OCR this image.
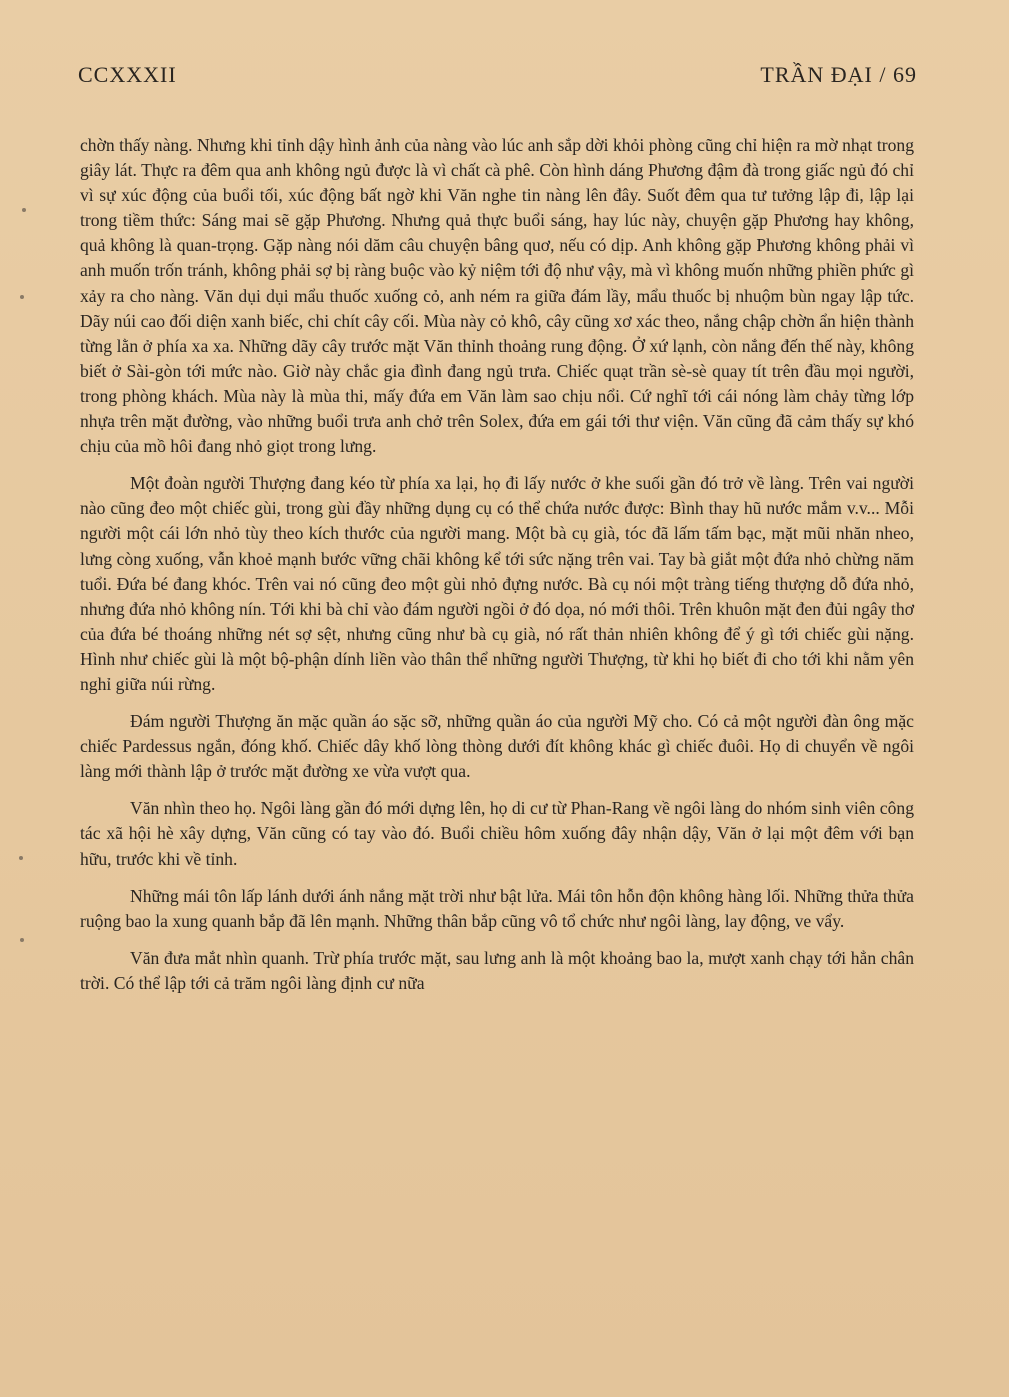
CCXXXII	TRẦN ĐẠI / 69

chờn thấy nàng. Nhưng khi tỉnh dậy hình ảnh của nàng vào lúc anh sắp dời khỏi phòng cũng chỉ hiện ra mờ nhạt trong giây lát. Thực ra đêm qua anh không ngủ được là vì chất cà phê. Còn hình dáng Phương đậm đà trong giấc ngủ đó chỉ vì sự xúc động của buổi tối, xúc động bất ngờ khi Văn nghe tin nàng lên đây. Suốt đêm qua tư tưởng lập đi, lập lại trong tiềm thức: Sáng mai sẽ gặp Phương. Nhưng quả thực buổi sáng, hay lúc này, chuyện gặp Phương hay không, quả không là quan-trọng. Gặp nàng nói dăm câu chuyện bâng quơ, nếu có dịp. Anh không gặp Phương không phải vì anh muốn trốn tránh, không phải sợ bị ràng buộc vào kỷ niệm tới độ như vậy, mà vì không muốn những phiền phức gì xảy ra cho nàng. Văn dụi dụi mẩu thuốc xuống cỏ, anh ném ra giữa đám lầy, mẩu thuốc bị nhuộm bùn ngay lập tức. Dãy núi cao đối diện xanh biếc, chi chít cây cối. Mùa này cỏ khô, cây cũng xơ xác theo, nắng chập chờn ẩn hiện thành từng lằn ở phía xa xa. Những dãy cây trước mặt Văn thỉnh thoảng rung động. Ở xứ lạnh, còn nắng đến thế này, không biết ở Sài-gòn tới mức nào. Giờ này chắc gia đình đang ngủ trưa. Chiếc quạt trần sè-sè quay tít trên đầu mọi người, trong phòng khách. Mùa này là mùa thi, mấy đứa em Văn làm sao chịu nổi. Cứ nghĩ tới cái nóng làm chảy từng lớp nhựa trên mặt đường, vào những buổi trưa anh chở trên Solex, đứa em gái tới thư viện. Văn cũng đã cảm thấy sự khó chịu của mồ hôi đang nhỏ giọt trong lưng.

Một đoàn người Thượng đang kéo từ phía xa lại, họ đi lấy nước ở khe suối gần đó trở về làng. Trên vai người nào cũng đeo một chiếc gùi, trong gùi đầy những dụng cụ có thể chứa nước được: Bình thay hũ nước mắm v.v... Mỗi người một cái lớn nhỏ tùy theo kích thước của người mang. Một bà cụ già, tóc đã lấm tấm bạc, mặt mũi nhăn nheo, lưng còng xuống, vẫn khoẻ mạnh bước vững chãi không kể tới sức nặng trên vai. Tay bà giắt một đứa nhỏ chừng năm tuổi. Đứa bé đang khóc. Trên vai nó cũng đeo một gùi nhỏ đựng nước. Bà cụ nói một tràng tiếng thượng dỗ đứa nhỏ, nhưng đứa nhỏ không nín. Tới khi bà chỉ vào đám người ngồi ở đó dọa, nó mới thôi. Trên khuôn mặt đen đủi ngây thơ của đứa bé thoáng những nét sợ sệt, nhưng cũng như bà cụ già, nó rất thản nhiên không để ý gì tới chiếc gùi nặng. Hình như chiếc gùi là một bộ-phận dính liền vào thân thể những người Thượng, từ khi họ biết đi cho tới khi nằm yên nghỉ giữa núi rừng.

Đám người Thượng ăn mặc quần áo sặc sỡ, những quần áo của người Mỹ cho. Có cả một người đàn ông mặc chiếc Pardessus ngắn, đóng khố. Chiếc dây khố lòng thòng dưới đít không khác gì chiếc đuôi. Họ di chuyển về ngôi làng mới thành lập ở trước mặt đường xe vừa vượt qua.

Văn nhìn theo họ. Ngôi làng gần đó mới dựng lên, họ di cư từ Phan-Rang về ngôi làng do nhóm sinh viên công tác xã hội hè xây dựng, Văn cũng có tay vào đó. Buổi chiều hôm xuống đây nhận dậy, Văn ở lại một đêm với bạn hữu, trước khi về tỉnh.

Những mái tôn lấp lánh dưới ánh nắng mặt trời như bật lửa. Mái tôn hỗn độn không hàng lối. Những thửa thửa ruộng bao la xung quanh bắp đã lên mạnh. Những thân bắp cũng vô tổ chức như ngôi làng, lay động, ve vẩy.

Văn đưa mắt nhìn quanh. Trừ phía trước mặt, sau lưng anh là một khoảng bao la, mượt xanh chạy tới hẳn chân trời. Có thể lập tới cả trăm ngôi làng định cư nữa
